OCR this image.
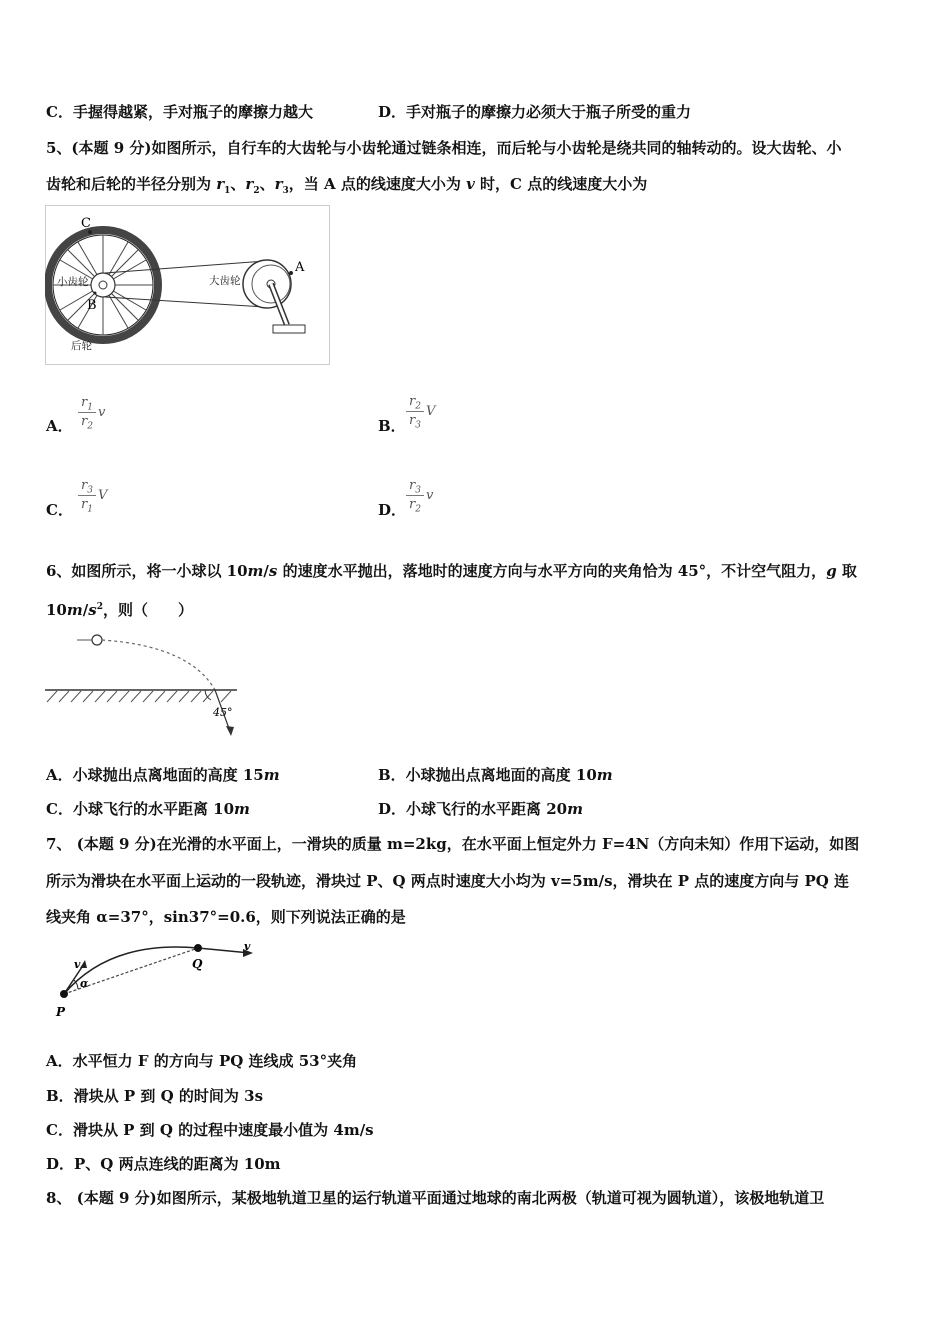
C．手握得越紧，手对瓶子的摩擦力越大	D．手对瓶子的摩擦力必须大于瓶子所受的重力
5、(本题 9 分)如图所示，自行车的大齿轮与小齿轮通过链条相连，而后轮与小齿轮是绕共同的轴转动的。设大齿轮、小
齿轮和后轮的半径分别为 $r_1$、$r_2$、$r_3$，当 A 点的线速度大小为 v 时，C 点的线速度大小为
C
A
B
小齿轮	大齿轮
后轮
A．
$r_1$
$r_2$
v
B．
$r_2$
$r_3$
V
C．
$r_3$
$r_1$
V
D．
$r_3$
$r_2$
v
6、如图所示，将一小球以 10m/s 的速度水平抛出，落地时的速度方向与水平方向的夹角恰为 45°，不计空气阻力，g 取
$10m/s^2$，则（　　）
45°
A．小球抛出点离地面的高度 15m	B．小球抛出点离地面的高度 10m
C．小球飞行的水平距离 10m	D．小球飞行的水平距离 20m
7、 (本题 9 分)在光滑的水平面上，一滑块的质量 m=2kg，在水平面上恒定外力 F=4N（方向未知）作用下运动，如图
所示为滑块在水平面上运动的一段轨迹，滑块过 P、Q 两点时速度大小均为 v=5m/s，滑块在 P 点的速度方向与 PQ 连
线夹角 α=37°，sin37°=0.6，则下列说法正确的是
P
Q
v
v
α
A．水平恒力 F 的方向与 PQ 连线成 53°夹角
B．滑块从 P 到 Q 的时间为 3s
C．滑块从 P 到 Q 的过程中速度最小值为 4m/s
D．P、Q 两点连线的距离为 10m
8、 (本题 9 分)如图所示，某极地轨道卫星的运行轨道平面通过地球的南北两极（轨道可视为圆轨道），该极地轨道卫
